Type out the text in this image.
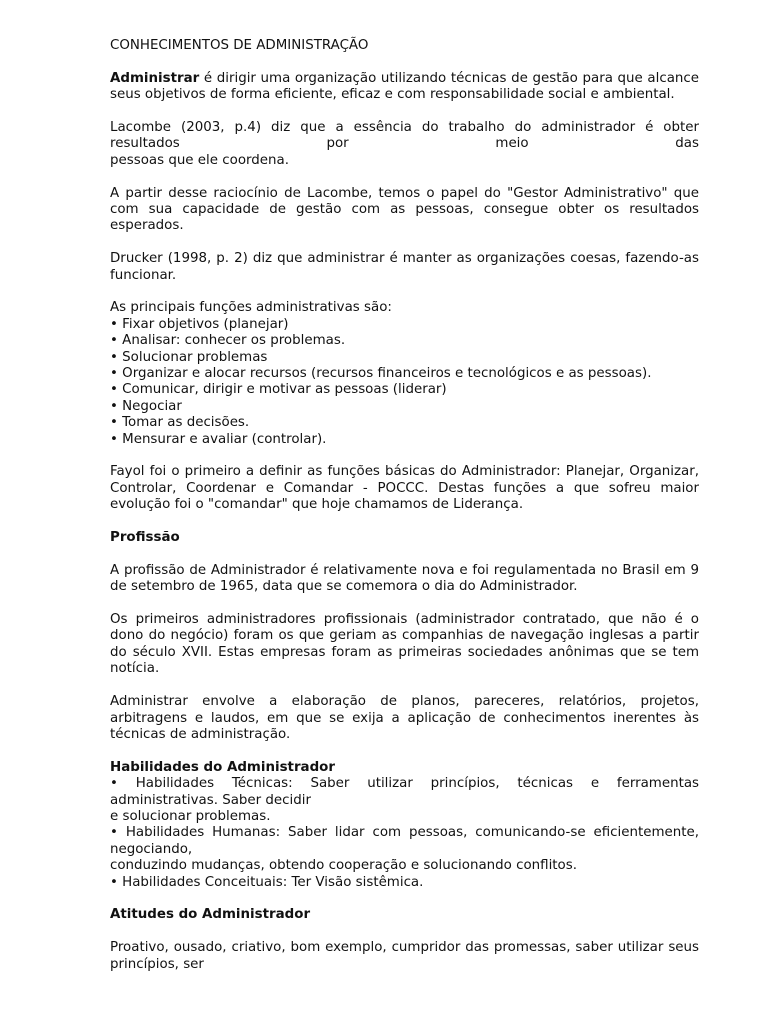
CONHECIMENTOS DE ADMINISTRAÇÃO

Administrar é dirigir uma organização utilizando técnicas de gestão para que alcance seus objetivos de forma eficiente, eficaz e com responsabilidade social e ambiental.

Lacombe (2003, p.4) diz que a essência do trabalho do administrador é obter resultados por meio das

pessoas que ele coordena.

A partir desse raciocínio de Lacombe, temos o papel do "Gestor Administrativo" que com sua capacidade de gestão com as pessoas, consegue obter os resultados esperados.

Drucker (1998, p. 2) diz que administrar é manter as organizações coesas, fazendo-as funcionar.

As principais funções administrativas são:

• Fixar objetivos (planejar)
• Analisar: conhecer os problemas.
• Solucionar problemas
• Organizar e alocar recursos (recursos financeiros e tecnológicos e as pessoas).
• Comunicar, dirigir e motivar as pessoas (liderar)
• Negociar
• Tomar as decisões.
• Mensurar e avaliar (controlar).

Fayol foi o primeiro a definir as funções básicas do Administrador: Planejar, Organizar, Controlar, Coordenar e Comandar - POCCC. Destas funções a que sofreu maior evolução foi o "comandar" que hoje chamamos de Liderança.

Profissão

A profissão de Administrador é relativamente nova e foi regulamentada no Brasil em 9 de setembro de 1965, data que se comemora o dia do Administrador.

Os primeiros administradores profissionais (administrador contratado, que não é o dono do negócio) foram os que geriam as companhias de navegação inglesas a partir do século XVII. Estas empresas foram as primeiras sociedades anônimas que se tem notícia.

Administrar envolve a elaboração de planos, pareceres, relatórios, projetos, arbitragens e laudos, em que se exija a aplicação de conhecimentos inerentes às técnicas de administração.

Habilidades do Administrador

• Habilidades Técnicas: Saber utilizar princípios, técnicas e ferramentas administrativas. Saber decidir

e solucionar problemas.

• Habilidades Humanas: Saber lidar com pessoas, comunicando-se eficientemente, negociando,

conduzindo mudanças, obtendo cooperação e solucionando conflitos.

• Habilidades Conceituais: Ter Visão sistêmica.

Atitudes do Administrador

Proativo, ousado, criativo, bom exemplo, cumpridor das promessas, saber utilizar seus princípios, ser
